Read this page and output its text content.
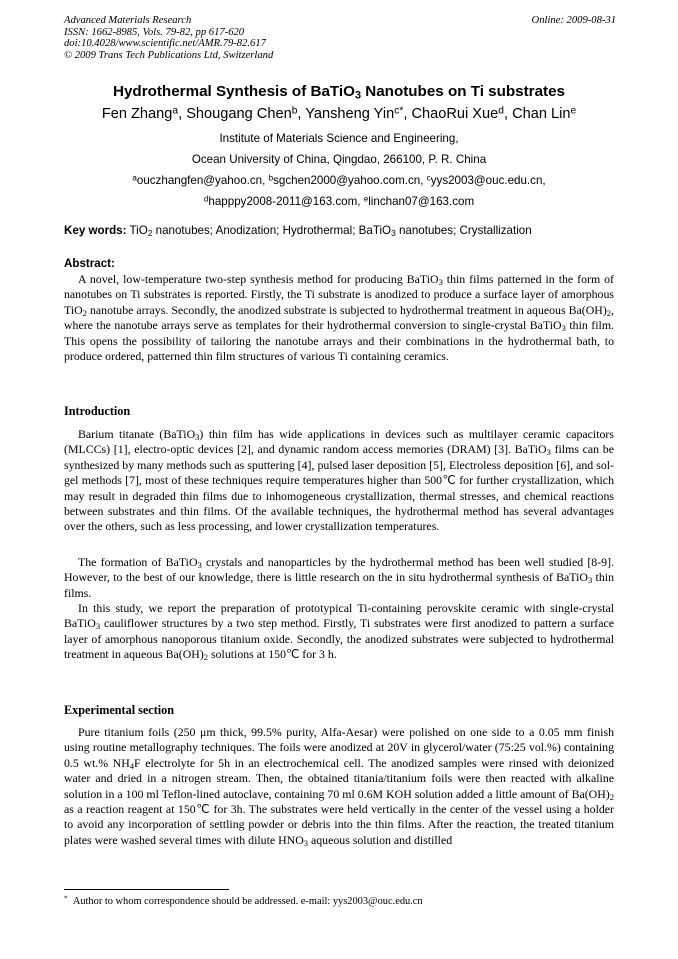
Advanced Materials Research
ISSN: 1662-8985, Vols. 79-82, pp 617-620
doi:10.4028/www.scientific.net/AMR.79-82.617
© 2009 Trans Tech Publications Ltd, Switzerland
Online: 2009-08-31
Hydrothermal Synthesis of BaTiO$_3$ Nanotubes on Ti substrates
Fen Zhang$^a$, Shougang Chen$^b$, Yansheng Yin$^{c*}$, ChaoRui Xue$^d$, Chan Lin$^e$
Institute of Materials Science and Engineering,
Ocean University of China, Qingdao, 266100, P. R. China
$^a$ouczhangfen@yahoo.cn, $^b$sgchen2000@yahoo.com.cn, $^c$yys2003@ouc.edu.cn,
$^d$happpy2008-2011@163.com, $^e$linchan07@163.com
Key words: TiO$_2$ nanotubes; Anodization; Hydrothermal; BaTiO$_3$ nanotubes; Crystallization
Abstract:
A novel, low-temperature two-step synthesis method for producing BaTiO$_3$ thin films patterned in the form of nanotubes on Ti substrates is reported. Firstly, the Ti substrate is anodized to produce a surface layer of amorphous TiO$_2$ nanotube arrays. Secondly, the anodized substrate is subjected to hydrothermal treatment in aqueous $Ba(OH)_2$, where the nanotube arrays serve as templates for their hydrothermal conversion to single-crystal BaTiO$_3$ thin film. This opens the possibility of tailoring the nanotube arrays and their combinations in the hydrothermal bath, to produce ordered, patterned thin film structures of various Ti containing ceramics.
Introduction
Barium titanate (BaTiO$_3$) thin film has wide applications in devices such as multilayer ceramic capacitors (MLCCs) [1], electro-optic devices [2], and dynamic random access memories (DRAM) [3]. BaTiO$_3$ films can be synthesized by many methods such as sputtering [4], pulsed laser deposition [5], Electroless deposition [6], and sol-gel methods [7], most of these techniques require temperatures higher than 500℃ for further crystallization, which may result in degraded thin films due to inhomogeneous crystallization, thermal stresses, and chemical reactions between substrates and thin films. Of the available techniques, the hydrothermal method has several advantages over the others, such as less processing, and lower crystallization temperatures.
The formation of BaTiO$_3$ crystals and nanoparticles by the hydrothermal method has been well studied [8-9]. However, to the best of our knowledge, there is little research on the in situ hydrothermal synthesis of BaTiO$_3$ thin films.
In this study, we report the preparation of prototypical Ti-containing perovskite ceramic with single-crystal BaTiO$_3$ cauliflower structures by a two step method. Firstly, Ti substrates were first anodized to pattern a surface layer of amorphous nanoporous titanium oxide. Secondly, the anodized substrates were subjected to hydrothermal treatment in aqueous $Ba(OH)_2$ solutions at 150℃ for 3 h.
Experimental section
Pure titanium foils (250 μm thick, 99.5% purity, Alfa-Aesar) were polished on one side to a 0.05 mm finish using routine metallography techniques. The foils were anodized at 20V in glycerol/water (75:25 vol.%) containing 0.5 wt.% $NH_4F$ electrolyte for 5h in an electrochemical cell. The anodized samples were rinsed with deionized water and dried in a nitrogen stream. Then, the obtained titania/titanium foils were then reacted with alkaline solution in a 100 ml Teflon-lined autoclave, containing 70 ml 0.6M KOH solution added a little amount of $Ba(OH)_2$ as a reaction reagent at 150℃ for 3h. The substrates were held vertically in the center of the vessel using a holder to avoid any incorporation of settling powder or debris into the thin films. After the reaction, the treated titanium plates were washed several times with dilute $HNO_3$ aqueous solution and distilled
* Author to whom correspondence should be addressed. e-mail: yys2003@ouc.edu.cn
